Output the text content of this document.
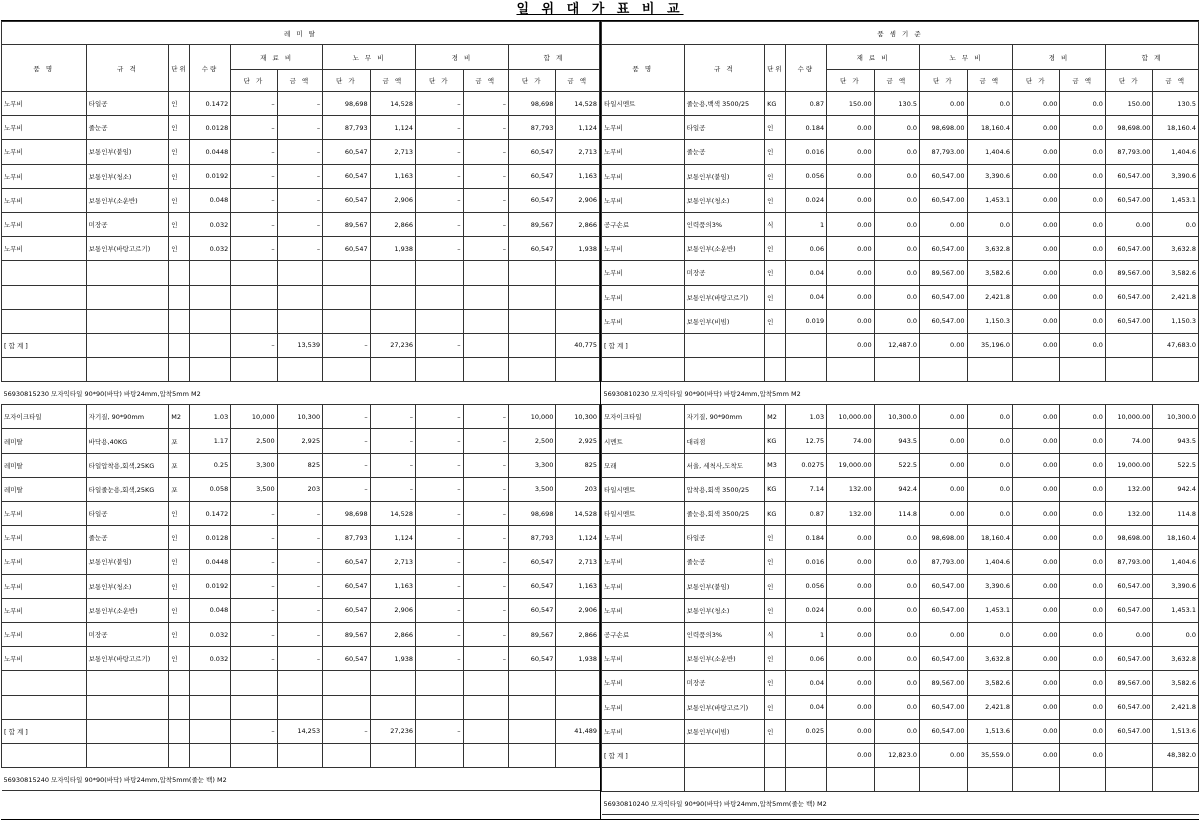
일 위 대 가 표 비 교
레 미 탈											
품 명	규 격	단위	수량	재 료 비		노 무 비		경 비		합 계	
				단 가	금 액	단 가	금 액	단 가	금 액	단 가	금 액
노무비	타일공	인	0.1472	–	–	98,698	14,528	–	–	98,698	14,528
노무비	줄눈공	인	0.0128	–	–	87,793	1,124	–	–	87,793	1,124
노무비	보통인부(붙임)	인	0.0448	–	–	60,547	2,713	–	–	60,547	2,713
노무비	보통인부(청소)	인	0.0192	–	–	60,547	1,163	–	–	60,547	1,163
노무비	보통인부(소운반)	인	0.048	–	–	60,547	2,906	–	–	60,547	2,906
노무비	미장공	인	0.032	–	–	89,567	2,866	–	–	89,567	2,866
노무비	보통인부(바탕고르기)	인	0.032	–	–	60,547	1,938	–	–	60,547	1,938

[ 합 계 ]				–	13,539	–	27,236	–			40,775

56930815230 모자익타일 90*90(바닥) 바탕24mm,압착5mm M2											
모자이크타일	자기질, 90*90mm	M2	1.03	10,000	10,300	–	–	–	–	10,000	10,300
레미탈	바닥용,40KG	포	1.17	2,500	2,925	–	–	–	–	2,500	2,925
레미탈	타일압착용,회색,25KG	포	0.25	3,300	825	–	–	–	–	3,300	825
레미탈	타일줄눈용,회색,25KG	포	0.058	3,500	203	–	–	–	–	3,500	203
노무비	타일공	인	0.1472	–	–	98,698	14,528	–	–	98,698	14,528
노무비	줄눈공	인	0.0128	–	–	87,793	1,124	–	–	87,793	1,124
노무비	보통인부(붙임)	인	0.0448	–	–	60,547	2,713	–	–	60,547	2,713
노무비	보통인부(청소)	인	0.0192	–	–	60,547	1,163	–	–	60,547	1,163
노무비	보통인부(소운반)	인	0.048	–	–	60,547	2,906	–	–	60,547	2,906
노무비	미장공	인	0.032	–	–	89,567	2,866	–	–	89,567	2,866
노무비	보통인부(바탕고르기)	인	0.032	–	–	60,547	1,938	–	–	60,547	1,938

[ 합 계 ]				–	14,253	–	27,236	–			41,489

56930815240 모자익타일 90*90(바닥) 바탕24mm,압착5mm(줄눈 백) M2											
품 셈 기 준											
품 명	규 격	단위	수량	재 료 비		노 무 비		경 비		합 계	
				단 가	금 액	단 가	금 액	단 가	금 액	단 가	금 액
타일시멘트	줄눈용,백색 3500/25	KG	0.87	150.00	130.5	0.00	0.0	0.00	0.0	150.00	130.5
노무비	타일공	인	0.184	0.00	0.0	98,698.00	18,160.4	0.00	0.0	98,698.00	18,160.4
노무비	줄눈공	인	0.016	0.00	0.0	87,793.00	1,404.6	0.00	0.0	87,793.00	1,404.6
노무비	보통인부(붙임)	인	0.056	0.00	0.0	60,547.00	3,390.6	0.00	0.0	60,547.00	3,390.6
노무비	보통인부(청소)	인	0.024	0.00	0.0	60,547.00	1,453.1	0.00	0.0	60,547.00	1,453.1
공구손료	인력품의3%	식	1	0.00	0.0	0.00	0.0	0.00	0.0	0.00	0.0
노무비	보통인부(소운반)	인	0.06	0.00	0.0	60,547.00	3,632.8	0.00	0.0	60,547.00	3,632.8
노무비	미장공	인	0.04	0.00	0.0	89,567.00	3,582.6	0.00	0.0	89,567.00	3,582.6
노무비	보통인부(바탕고르기)	인	0.04	0.00	0.0	60,547.00	2,421.8	0.00	0.0	60,547.00	2,421.8
노무비	보통인부(비빔)	인	0.019	0.00	0.0	60,547.00	1,150.3	0.00	0.0	60,547.00	1,150.3
[ 합 계 ]				0.00	12,487.0	0.00	35,196.0	0.00	0.0		47,683.0

56930810230 모자익타일 90*90(바닥) 바탕24mm,압착5mm M2											
모자이크타일	자기질, 90*90mm	M2	1.03	10,000.00	10,300.0	0.00	0.0	0.00	0.0	10,000.00	10,300.0
시멘트	대리점	KG	12.75	74.00	943.5	0.00	0.0	0.00	0.0	74.00	943.5
모래	서울, 세척사,도착도	M3	0.0275	19,000.00	522.5	0.00	0.0	0.00	0.0	19,000.00	522.5
타일시멘트	압착용,회색 3500/25	KG	7.14	132.00	942.4	0.00	0.0	0.00	0.0	132.00	942.4
타일시멘트	줄눈용,회색 3500/25	KG	0.87	132.00	114.8	0.00	0.0	0.00	0.0	132.00	114.8
노무비	타일공	인	0.184	0.00	0.0	98,698.00	18,160.4	0.00	0.0	98,698.00	18,160.4
노무비	줄눈공	인	0.016	0.00	0.0	87,793.00	1,404.6	0.00	0.0	87,793.00	1,404.6
노무비	보통인부(붙임)	인	0.056	0.00	0.0	60,547.00	3,390.6	0.00	0.0	60,547.00	3,390.6
노무비	보통인부(청소)	인	0.024	0.00	0.0	60,547.00	1,453.1	0.00	0.0	60,547.00	1,453.1
공구손료	인력품의3%	식	1	0.00	0.0	0.00	0.0	0.00	0.0	0.00	0.0
노무비	보통인부(소운반)	인	0.06	0.00	0.0	60,547.00	3,632.8	0.00	0.0	60,547.00	3,632.8
노무비	미장공	인	0.04	0.00	0.0	89,567.00	3,582.6	0.00	0.0	89,567.00	3,582.6
노무비	보통인부(바탕고르기)	인	0.04	0.00	0.0	60,547.00	2,421.8	0.00	0.0	60,547.00	2,421.8
노무비	보통인부(비빔)	인	0.025	0.00	0.0	60,547.00	1,513.6	0.00	0.0	60,547.00	1,513.6
[ 합 계 ]				0.00	12,823.0	0.00	35,559.0	0.00	0.0		48,382.0

56930810240 모자익타일 90*90(바닥) 바탕24mm,압착5mm(줄눈 백) M2											
